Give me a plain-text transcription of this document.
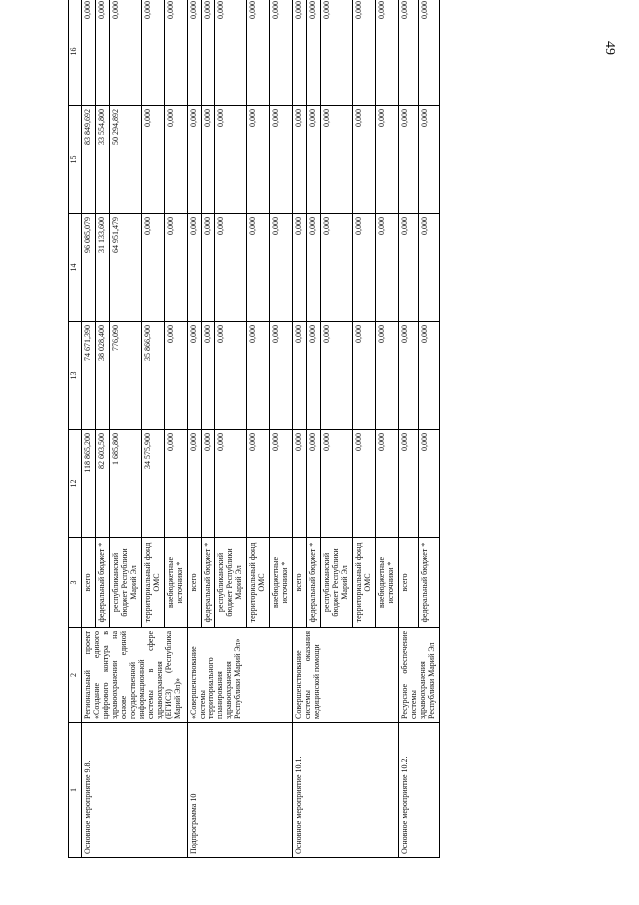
49
1	2	3	12	13	14	15	16
Основное мероприятие 9.8.	Региональный проект «Создание единого цифрового контура в здравоохранении на основе единой государственной информационной системы в сфере здравоохранения (ЕГИСЗ) (Республика Марий Эл)»	всего	118 865,200	74 671,390	96 085,079	83 849,692	0,000
		федеральный бюджет *	82 603,500	38 028,400	31 133,600	33 554,800	0,000
		республиканский бюджет Республики Марий Эл	1 685,800	776,090	64 951,479	50 294,892	0,000
		территориальный фонд ОМС	34 575,900	35 866,900	0,000	0,000	0,000
		внебюджетные источники *	0,000	0,000	0,000	0,000	0,000
Подпрограмма 10	«Совершенствование системы территориального планирования здравоохранения Республики Марий Эл»	всего	0,000	0,000	0,000	0,000	0,000
		федеральный бюджет *	0,000	0,000	0,000	0,000	0,000
		республиканский бюджет Республики Марий Эл	0,000	0,000	0,000	0,000	0,000
		территориальный фонд ОМС	0,000	0,000	0,000	0,000	0,000
		внебюджетные источники *	0,000	0,000	0,000	0,000	0,000
Основное мероприятие 10.1.	Совершенствование системы оказания медицинской помощи	всего	0,000	0,000	0,000	0,000	0,000
		федеральный бюджет *	0,000	0,000	0,000	0,000	0,000
		республиканский бюджет Республики Марий Эл	0,000	0,000	0,000	0,000	0,000
		территориальный фонд ОМС	0,000	0,000	0,000	0,000	0,000
		внебюджетные источники *	0,000	0,000	0,000	0,000	0,000
Основное мероприятие 10.2.	Ресурсное обеспечение системы здравоохранения Республики Марий Эл	всего	0,000	0,000	0,000	0,000	0,000
		федеральный бюджет *	0,000	0,000	0,000	0,000	0,000
